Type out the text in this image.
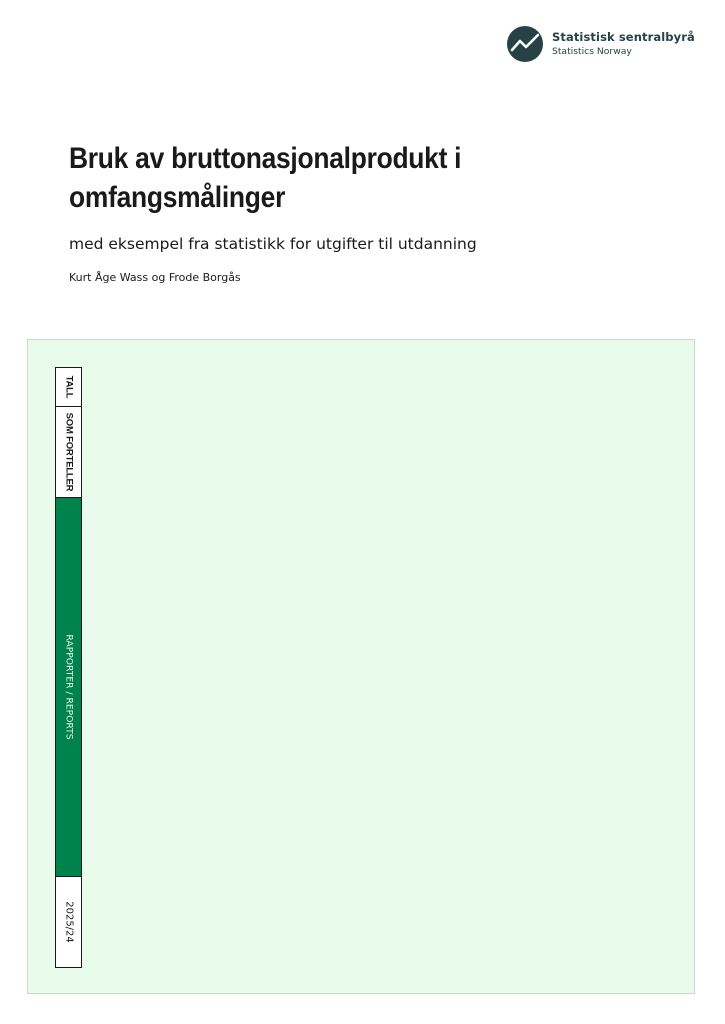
Statistisk sentralbyrå
Statistics Norway
Bruk av bruttonasjonalprodukt i omfangsmålinger

med eksempel fra statistikk for utgifter til utdanning

Kurt Åge Wass og Frode Borgås

TALL
SOM FORTELLER
RAPPORTER / REPORTS
2025/24
